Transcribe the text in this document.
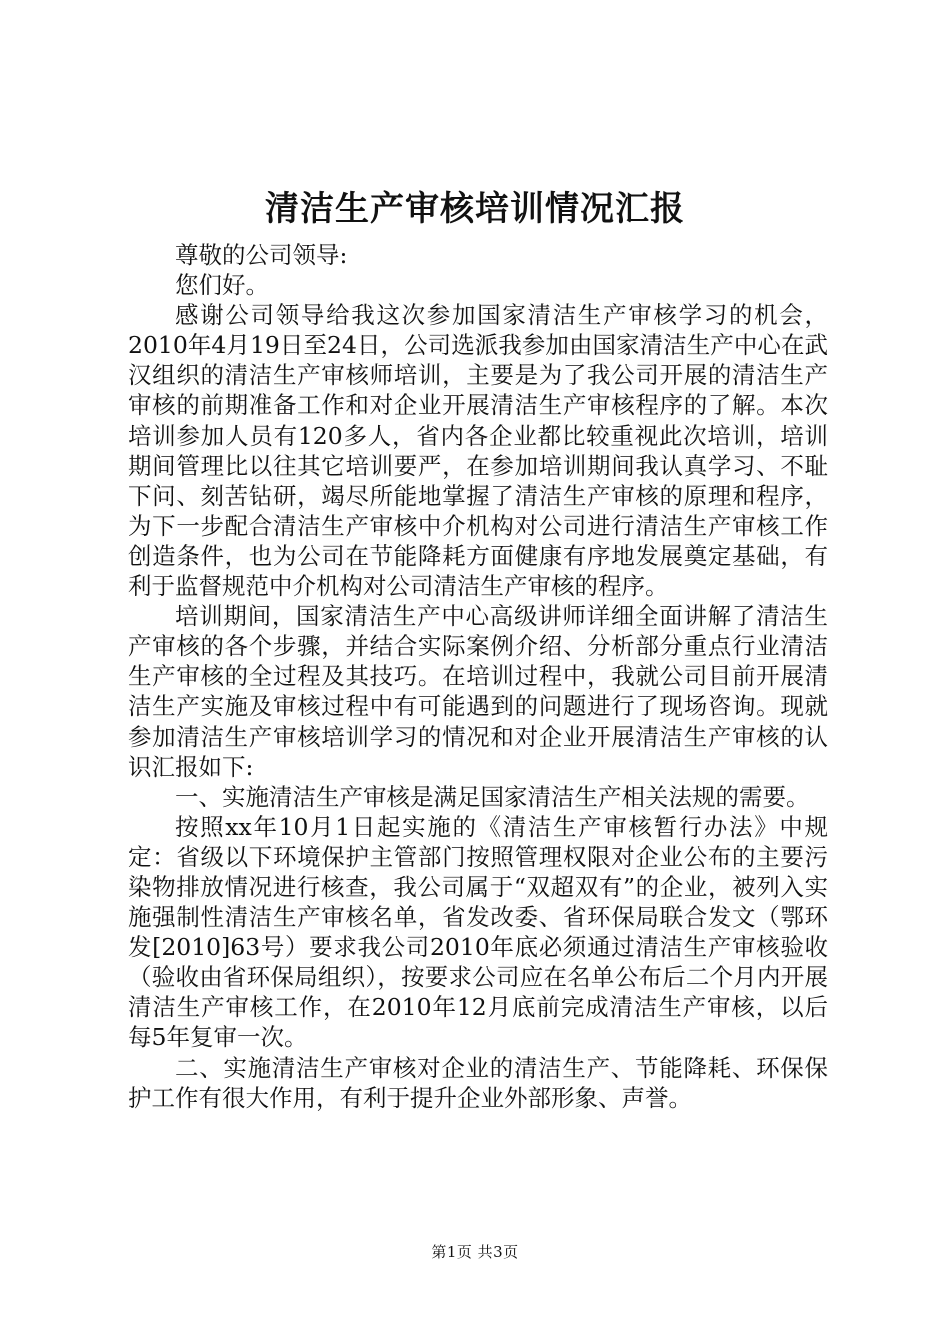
清洁生产审核培训情况汇报

尊敬的公司领导:

您们好。

感谢公司领导给我这次参加国家清洁生产审核学习的机会，2010年4月19日至24日，公司选派我参加由国家清洁生产中心在武汉组织的清洁生产审核师培训，主要是为了我公司开展的清洁生产审核的前期准备工作和对企业开展清洁生产审核程序的了解。本次培训参加人员有120多人，省内各企业都比较重视此次培训，培训期间管理比以往其它培训要严，在参加培训期间我认真学习、不耻下问、刻苦钻研，竭尽所能地掌握了清洁生产审核的原理和程序，为下一步配合清洁生产审核中介机构对公司进行清洁生产审核工作创造条件，也为公司在节能降耗方面健康有序地发展奠定基础，有利于监督规范中介机构对公司清洁生产审核的程序。

培训期间，国家清洁生产中心高级讲师详细全面讲解了清洁生产审核的各个步骤，并结合实际案例介绍、分析部分重点行业清洁生产审核的全过程及其技巧。在培训过程中，我就公司目前开展清洁生产实施及审核过程中有可能遇到的问题进行了现场咨询。现就参加清洁生产审核培训学习的情况和对企业开展清洁生产审核的认识汇报如下:

一、实施清洁生产审核是满足国家清洁生产相关法规的需要。

按照xx年10月1日起实施的《清洁生产审核暂行办法》中规定：省级以下环境保护主管部门按照管理权限对企业公布的主要污染物排放情况进行核查，我公司属于“双超双有”的企业，被列入实施强制性清洁生产审核名单，省发改委、省环保局联合发文（鄂环发[2010]63号）要求我公司2010年底必须通过清洁生产审核验收（验收由省环保局组织），按要求公司应在名单公布后二个月内开展清洁生产审核工作，在2010年12月底前完成清洁生产审核，以后每5年复审一次。

二、实施清洁生产审核对企业的清洁生产、节能降耗、环保保护工作有很大作用，有利于提升企业外部形象、声誉。

第1页 共3页
